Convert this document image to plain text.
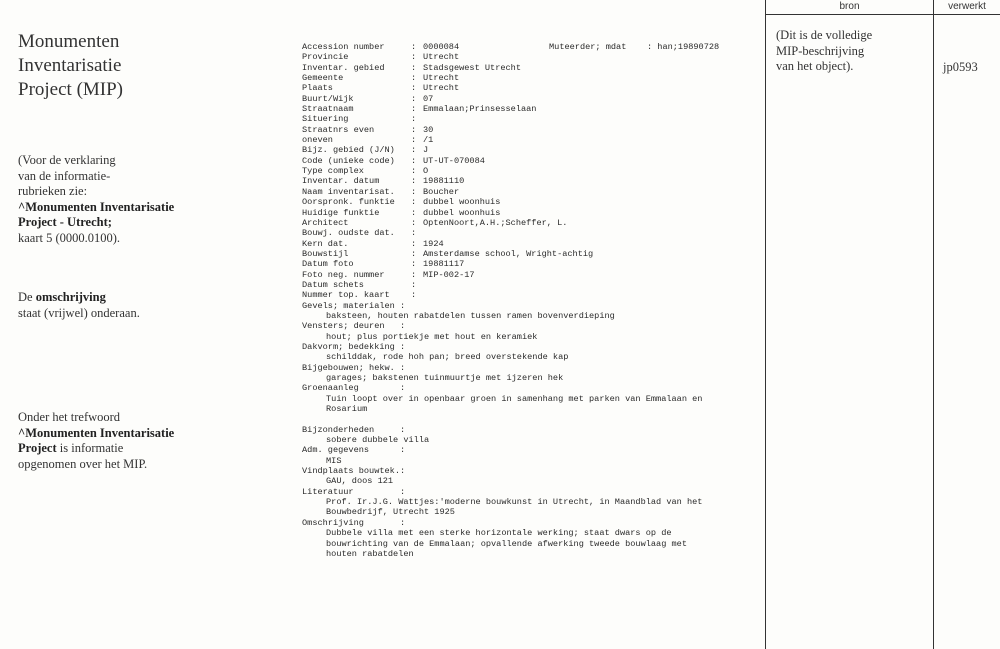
Monumenten
Inventarisatie
Project (MIP)
(Voor de verklaring
van de informatie-
rubrieken zie:
^Monumenten Inventarisatie
Project - Utrecht;
kaart 5 (0000.0100).
De omschrijving
staat (vrijwel) onderaan.
Onder het trefwoord
^Monumenten Inventarisatie
Project is informatie
opgenomen over het MIP.
Accession number	: 0000084	Muteerder; mdat    : han;19890728
Provincie	: Utrecht
Inventar. gebied	: Stadsgewest Utrecht
Gemeente	: Utrecht
Plaats	: Utrecht
Buurt/Wijk	: 07
Straatnaam	: Emmalaan;Prinsesselaan
Situering	:
Straatnrs even	: 30
oneven	: /1
Bijz. gebied (J/N) : J
Code (unieke code) : UT-UT-070084
Type complex	: O
Inventar. datum	: 19881110
Naam inventarisat. : Boucher
Oorspronk. funktie : dubbel woonhuis
Huidige funktie	: dubbel woonhuis
Architect	: OptenNoort,A.H.;Scheffer, L.
Bouwj. oudste dat. :
Kern dat.	: 1924
Bouwstijl	: Amsterdamse school, Wright-achtig
Datum foto	: 19881117
Foto neg. nummer	: MIP-002-17
Datum schets	:
Nummer top. kaart :
Gevels; materialen :
baksteen, houten rabatdelen tussen ramen bovenverdieping
Vensters; deuren   :
hout; plus portiekje met hout en keramiek
Dakvorm; bedekking :
schilddak, rode hoh pan; breed overstekende kap
Bijgebouwen; hekw. :
garages; bakstenen tuinmuurtje met ijzeren hek
Groenaanleg        :
Tuin loopt over in openbaar groen in samenhang met parken van Emmalaan en
Rosarium
Bijzonderheden     :
sobere dubbele villa
Adm. gegevens      :
MIS
Vindplaats bouwtek.:
GAU, doos 121
Literatuur         :
Prof. Ir.J.G. Wattjes:'moderne bouwkunst in Utrecht, in Maandblad van het
Bouwbedrijf, Utrecht 1925
Omschrijving       :
Dubbele villa met een sterke horizontale werking; staat dwars op de
bouwrichting van de Emmalaan; opvallende afwerking tweede bouwlaag met
houten rabatdelen
bron	verwerkt
(Dit is de volledige
MIP-beschrijving
van het object).	jp0593
